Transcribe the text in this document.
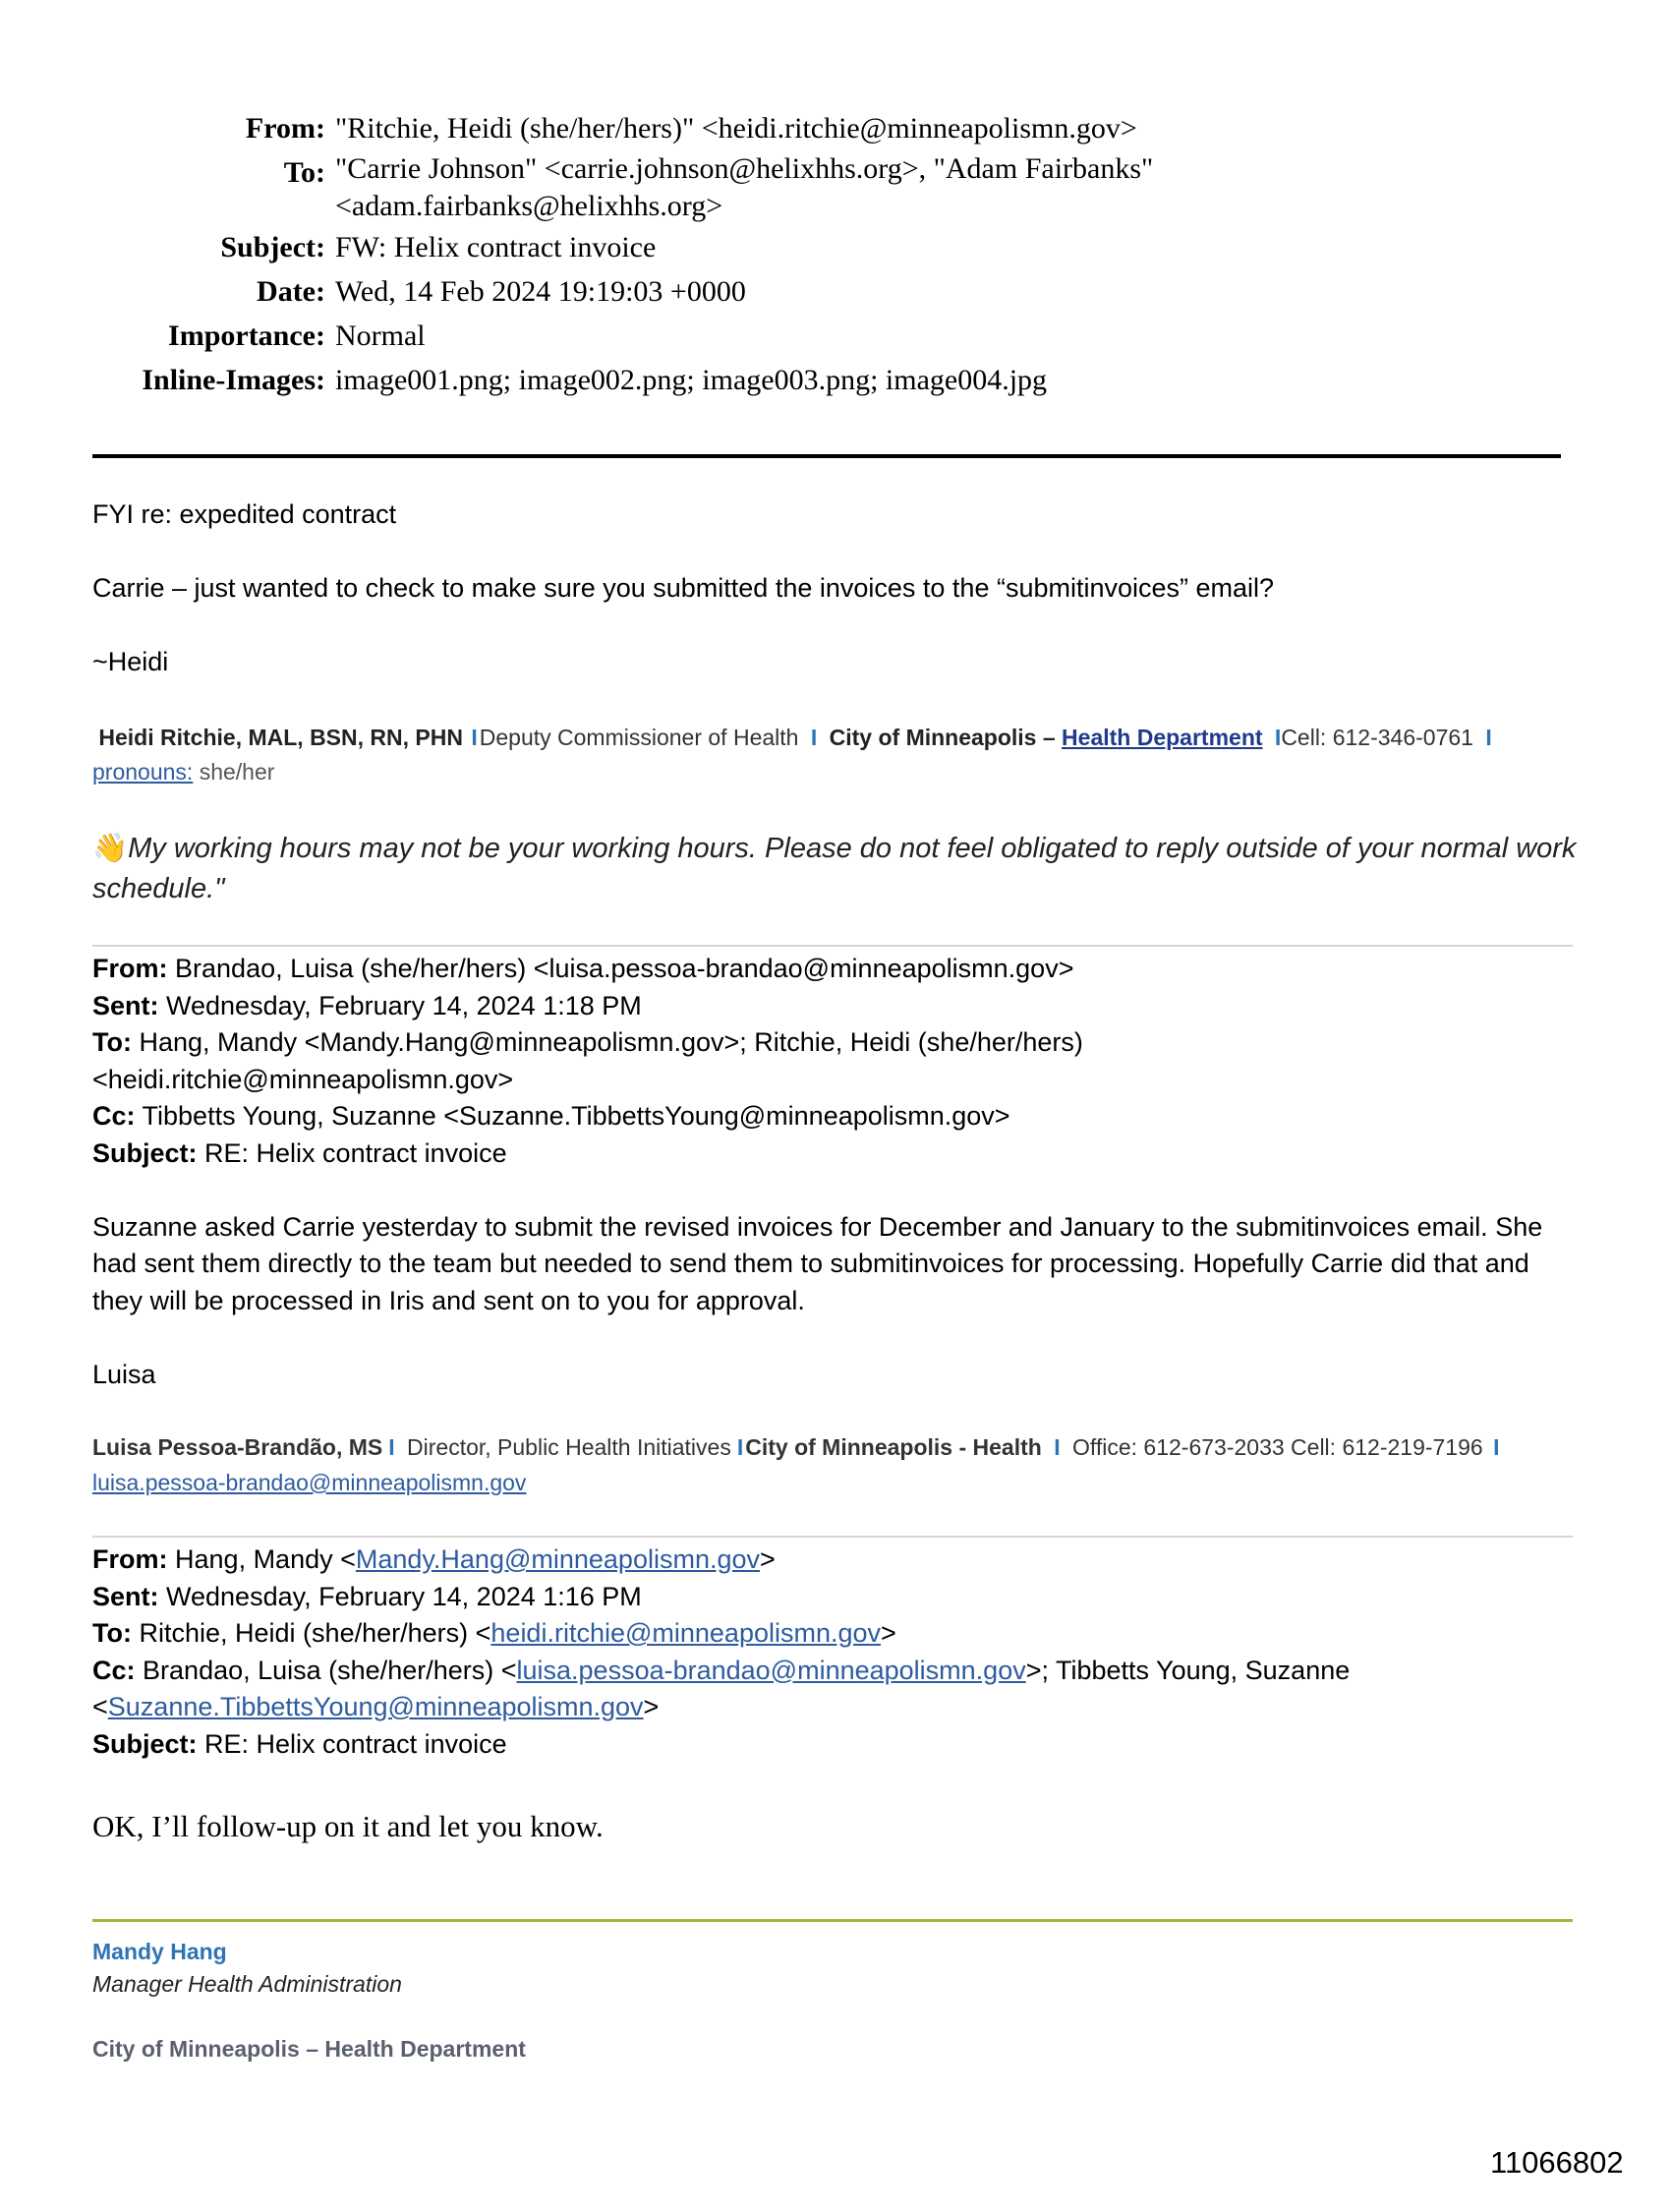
From: "Ritchie, Heidi (she/her/hers)" <heidi.ritchie@minneapolismn.gov>
To: "Carrie Johnson" <carrie.johnson@helixhhs.org>, "Adam Fairbanks"
<adam.fairbanks@helixhhs.org>
Subject: FW: Helix contract invoice
Date: Wed, 14 Feb 2024 19:19:03 +0000
Importance: Normal
Inline-Images: image001.png; image002.png; image003.png; image004.jpg

FYI re: expedited contract

Carrie – just wanted to check to make sure you submitted the invoices to the “submitinvoices” email?

~Heidi

Heidi Ritchie, MAL, BSN, RN, PHN IDeputy Commissioner of Health I City of Minneapolis – Health Department ICell: 612-346-0761 I
pronouns: she/her
👋My working hours may not be your working hours. Please do not feel obligated to reply outside of your normal work schedule."
From: Brandao, Luisa (she/her/hers) <luisa.pessoa-brandao@minneapolismn.gov>
Sent: Wednesday, February 14, 2024 1:18 PM
To: Hang, Mandy <Mandy.Hang@minneapolismn.gov>; Ritchie, Heidi (she/her/hers)
<heidi.ritchie@minneapolismn.gov>
Cc: Tibbetts Young, Suzanne <Suzanne.TibbettsYoung@minneapolismn.gov>
Subject: RE: Helix contract invoice

Suzanne asked Carrie yesterday to submit the revised invoices for December and January to the submitinvoices email. She had sent them directly to the team but needed to send them to submitinvoices for processing. Hopefully Carrie did that and they will be processed in Iris and sent on to you for approval.

Luisa

Luisa Pessoa-Brandão, MS I Director, Public Health Initiatives ICity of Minneapolis - Health I Office: 612-673-2033 Cell: 612-219-7196 I
luisa.pessoa-brandao@minneapolismn.gov
From: Hang, Mandy <Mandy.Hang@minneapolismn.gov>
Sent: Wednesday, February 14, 2024 1:16 PM
To: Ritchie, Heidi (she/her/hers) <heidi.ritchie@minneapolismn.gov>
Cc: Brandao, Luisa (she/her/hers) <luisa.pessoa-brandao@minneapolismn.gov>; Tibbetts Young, Suzanne
<Suzanne.TibbettsYoung@minneapolismn.gov>
Subject: RE: Helix contract invoice
OK, I’ll follow-up on it and let you know.
Mandy Hang
Manager Health Administration
City of Minneapolis – Health Department
11066802
